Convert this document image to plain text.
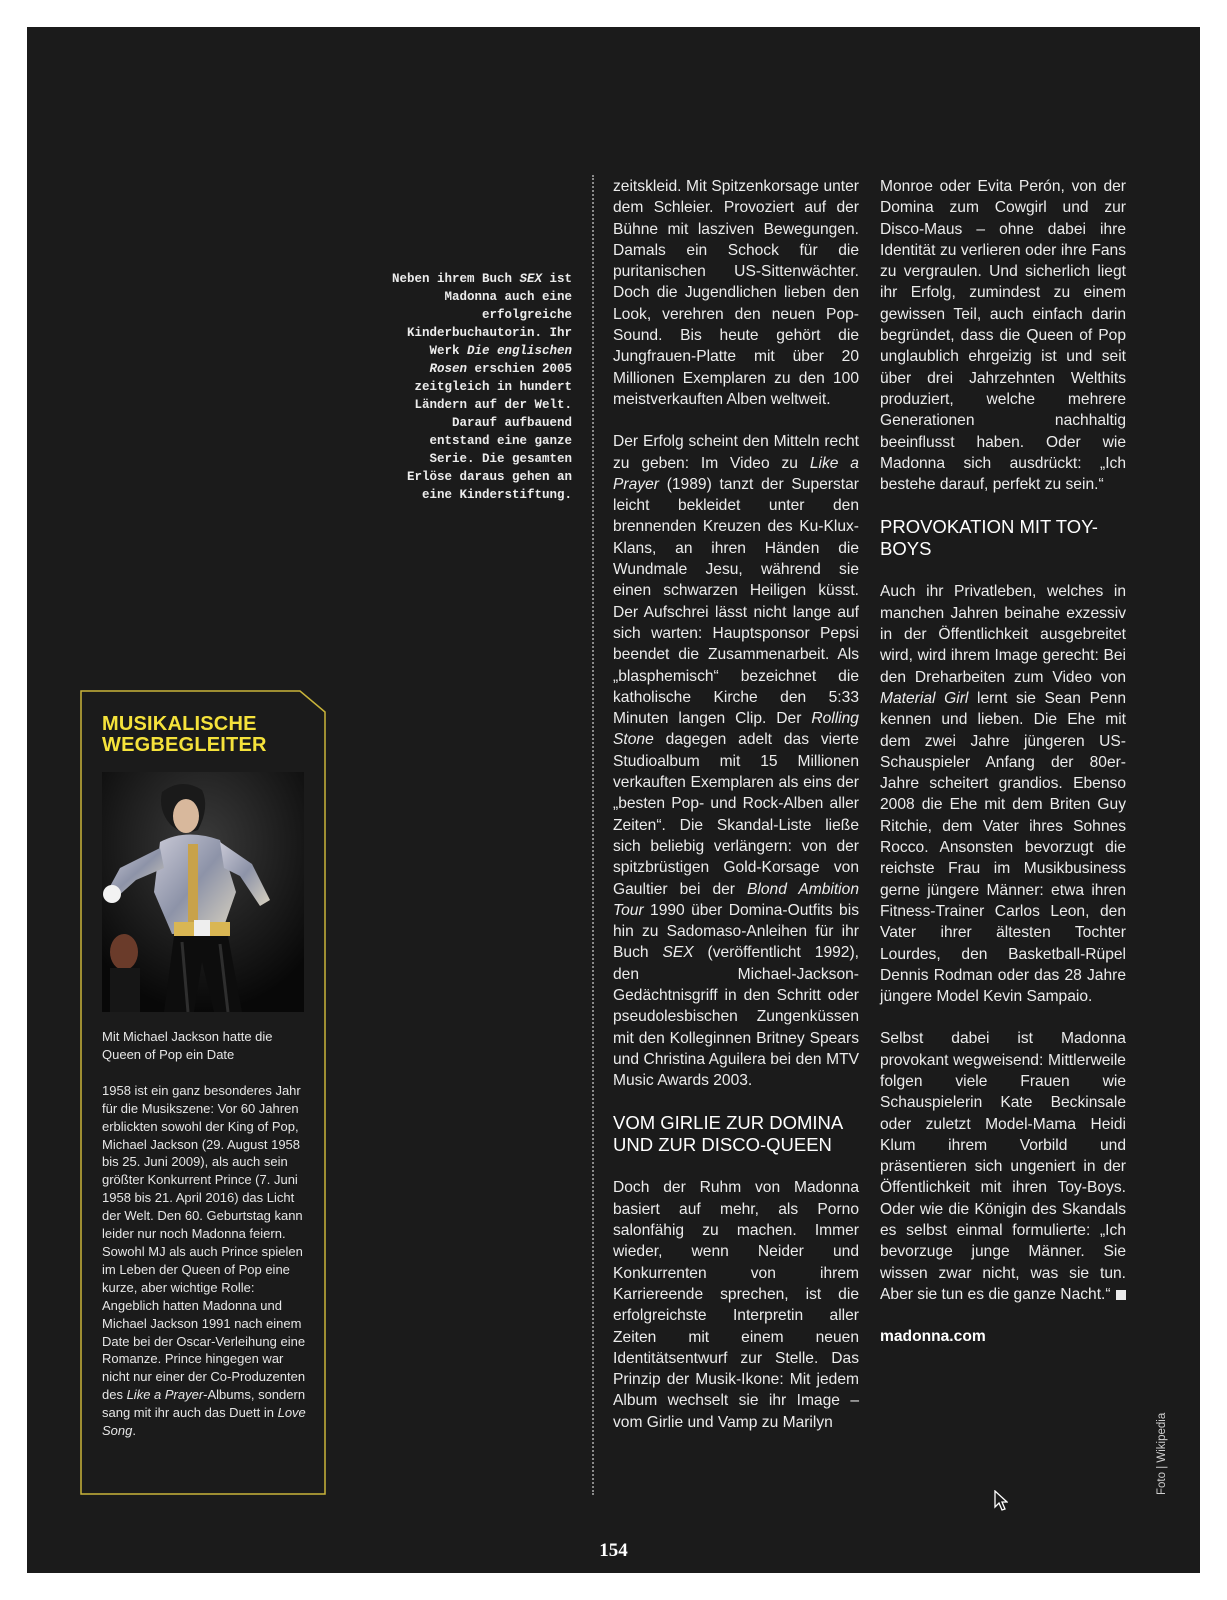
Neben ihrem Buch SEX ist Madonna auch eine erfolgreiche Kinderbuchautorin. Ihr Werk Die englischen Rosen erschien 2005 zeitgleich in hundert Ländern auf der Welt. Darauf aufbauend entstand eine ganze Serie. Die gesamten Erlöse daraus gehen an eine Kinderstiftung.

MUSIKALISCHE WEGBEGLEITER

Mit Michael Jackson hatte die Queen of Pop ein Date

1958 ist ein ganz besonderes Jahr für die Musikszene: Vor 60 Jahren erblickten sowohl der King of Pop, Michael Jackson (29. August 1958 bis 25. Juni 2009), als auch sein größter Konkurrent Prince (7. Juni 1958 bis 21. April 2016) das Licht der Welt. Den 60. Geburtstag kann leider nur noch Madonna feiern. Sowohl MJ als auch Prince spielen im Leben der Queen of Pop eine kurze, aber wichtige Rolle: Angeblich hatten Madonna und Michael Jackson 1991 nach einem Date bei der Oscar-Verleihung eine Romanze. Prince hingegen war nicht nur einer der Co-Produzenten des Like a Prayer-Albums, sondern sang mit ihr auch das Duett in Love Song.

zeitskleid. Mit Spitzenkorsage unter dem Schleier. Provoziert auf der Bühne mit lasziven Bewegungen. Damals ein Schock für die puritanischen US-Sittenwächter. Doch die Jugendlichen lieben den Look, verehren den neuen Pop-Sound. Bis heute gehört die Jungfrauen-Platte mit über 20 Millionen Exemplaren zu den 100 meistverkauften Alben weltweit.

Der Erfolg scheint den Mitteln recht zu geben: Im Video zu Like a Prayer (1989) tanzt der Superstar leicht bekleidet unter den brennenden Kreuzen des Ku-Klux-Klans, an ihren Händen die Wundmale Jesu, während sie einen schwarzen Heiligen küsst. Der Aufschrei lässt nicht lange auf sich warten: Hauptsponsor Pepsi beendet die Zusammenarbeit. Als „blasphemisch“ bezeichnet die katholische Kirche den 5:33 Minuten langen Clip. Der Rolling Stone dagegen adelt das vierte Studioalbum mit 15 Millionen verkauften Exemplaren als eins der „besten Pop- und Rock-Alben aller Zeiten“. Die Skandal-Liste ließe sich beliebig verlängern: von der spitzbrüstigen Gold-Korsage von Gaultier bei der Blond Ambition Tour 1990 über Domina-Outfits bis hin zu Sadomaso-Anleihen für ihr Buch SEX (veröffentlicht 1992), den Michael-Jackson-Gedächtnisgriff in den Schritt oder pseudolesbischen Zungenküssen mit den Kolleginnen Britney Spears und Christina Aguilera bei den MTV Music Awards 2003.

VOM GIRLIE ZUR DOMINA UND ZUR DISCO-QUEEN

Doch der Ruhm von Madonna basiert auf mehr, als Porno salonfähig zu machen. Immer wieder, wenn Neider und Konkurrenten von ihrem Karriereende sprechen, ist die erfolgreichste Interpretin aller Zeiten mit einem neuen Identitätsentwurf zur Stelle. Das Prinzip der Musik-Ikone: Mit jedem Album wechselt sie ihr Image – vom Girlie und Vamp zu Marilyn

Monroe oder Evita Perón, von der Domina zum Cowgirl und zur Disco-Maus – ohne dabei ihre Identität zu verlieren oder ihre Fans zu vergraulen. Und sicherlich liegt ihr Erfolg, zumindest zu einem gewissen Teil, auch einfach darin begründet, dass die Queen of Pop unglaublich ehrgeizig ist und seit über drei Jahrzehnten Welthits produziert, welche mehrere Generationen nachhaltig beeinflusst haben. Oder wie Madonna sich ausdrückt: „Ich bestehe darauf, perfekt zu sein.“

PROVOKATION MIT TOY-BOYS

Auch ihr Privatleben, welches in manchen Jahren beinahe exzessiv in der Öffentlichkeit ausgebreitet wird, wird ihrem Image gerecht: Bei den Dreharbeiten zum Video von Material Girl lernt sie Sean Penn kennen und lieben. Die Ehe mit dem zwei Jahre jüngeren US-Schauspieler Anfang der 80er-Jahre scheitert grandios. Ebenso 2008 die Ehe mit dem Briten Guy Ritchie, dem Vater ihres Sohnes Rocco. Ansonsten bevorzugt die reichste Frau im Musikbusiness gerne jüngere Männer: etwa ihren Fitness-Trainer Carlos Leon, den Vater ihrer ältesten Tochter Lourdes, den Basketball-Rüpel Dennis Rodman oder das 28 Jahre jüngere Model Kevin Sampaio.

Selbst dabei ist Madonna provokant wegweisend: Mittlerweile folgen viele Frauen wie Schauspielerin Kate Beckinsale oder zuletzt Model-Mama Heidi Klum ihrem Vorbild und präsentieren sich ungeniert in der Öffentlichkeit mit ihren Toy-Boys. Oder wie die Königin des Skandals es selbst einmal formulierte: „Ich bevorzuge junge Männer. Sie wissen zwar nicht, was sie tun. Aber sie tun es die ganze Nacht.“

madonna.com
Foto | Wikipedia
154
